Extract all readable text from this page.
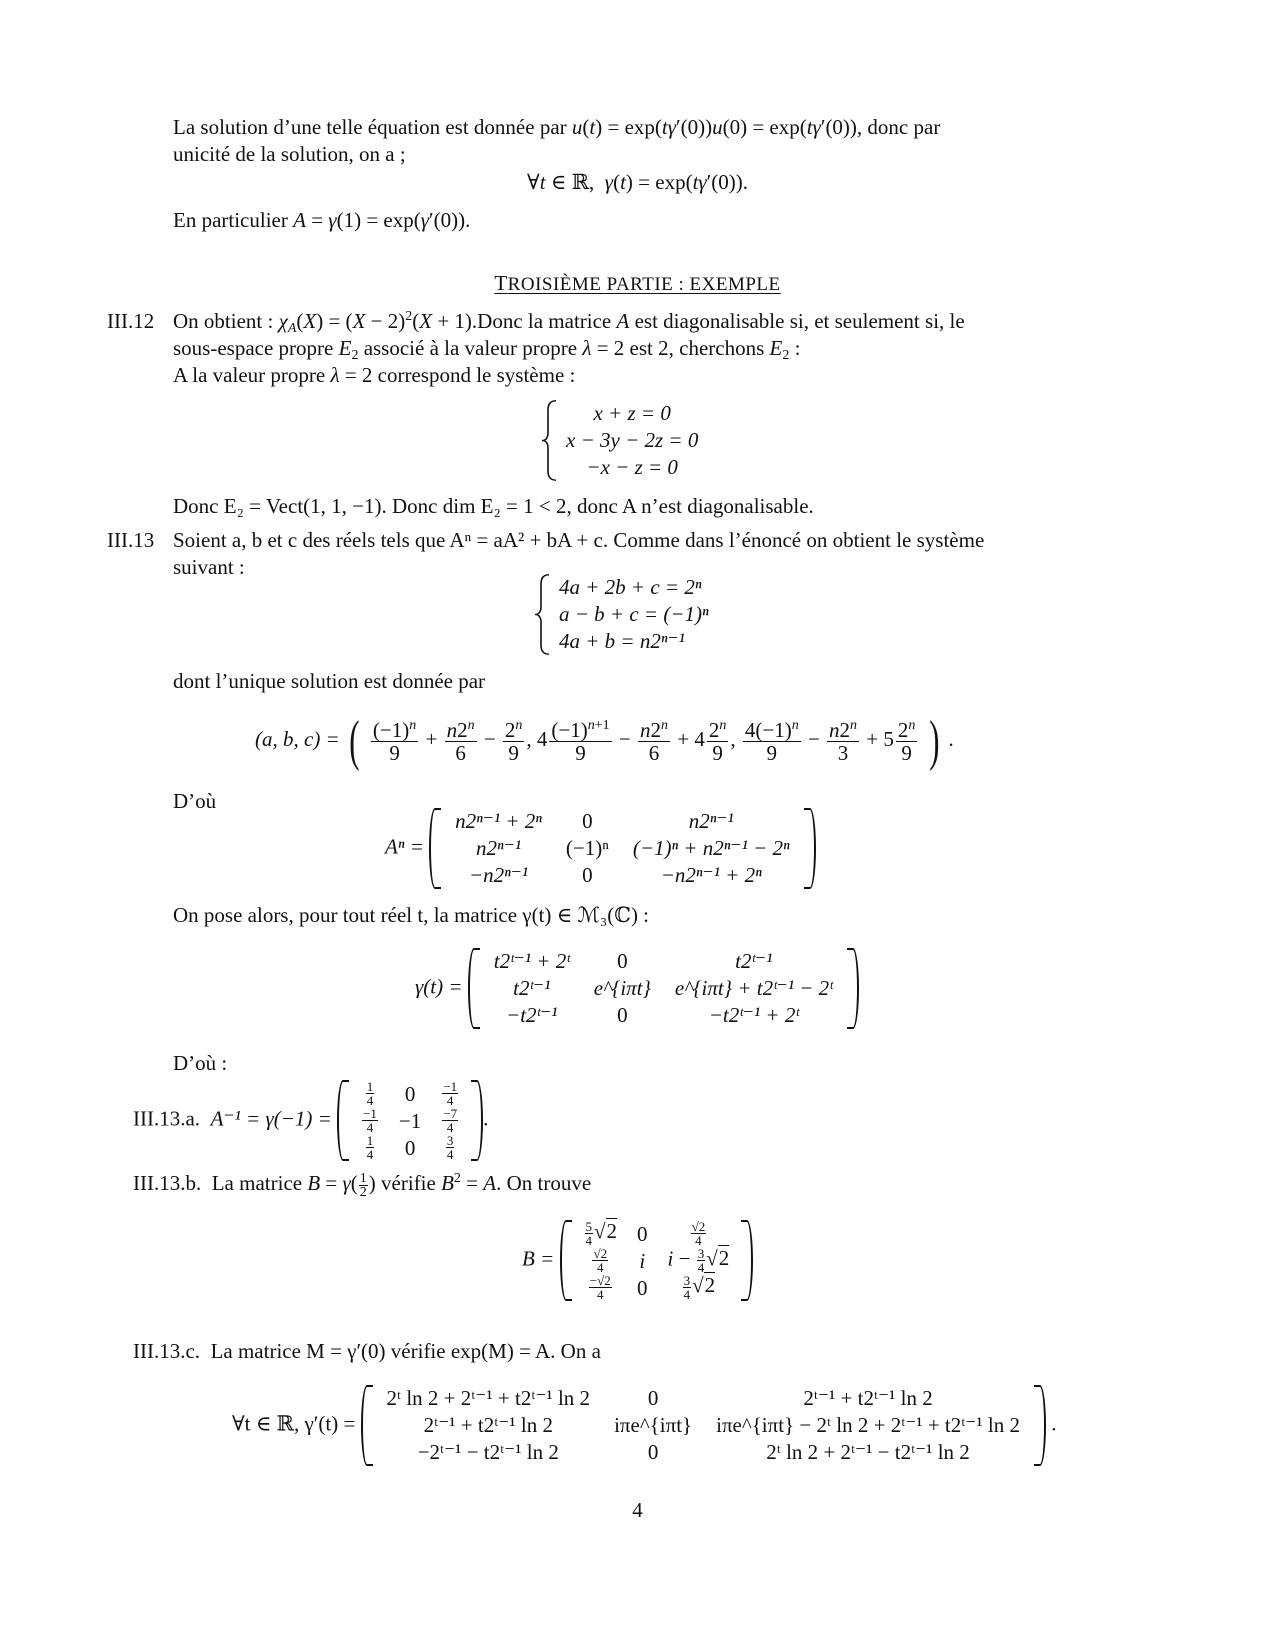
La solution d’une telle équation est donnée par u(t) = exp(tγ′(0))u(0) = exp(tγ′(0)), donc par
unicité de la solution, on a ;
∀t ∈ ℝ,  γ(t) = exp(tγ′(0)).
En particulier A = γ(1) = exp(γ′(0)).
TROISIÈME PARTIE : EXEMPLE
III.12 On obtient : $\chi_A(X) = (X - 2)^2(X$ + 1).Donc la matrice A est diagonalisable si, et seulement si, le
sous-espace propre $E_2$ associé à la valeur propre λ = 2 est 2, cherchons $E_2$ :
A la valeur propre λ = 2 correspond le système :
x + z = 0
x − 3y − 2z = 0
−x − z = 0
Donc E₂ = Vect(1, 1, −1). Donc dim E₂ = 1 < 2, donc A n’est diagonalisable.
III.13 Soient a, b et c des réels tels que Aⁿ = aA² + bA + c. Comme dans l’énoncé on obtient le système
suivant :
4a + 2b + c = 2ⁿ
a − b + c = (−1)ⁿ
4a + b = n2ⁿ⁻¹
dont l’unique solution est donnée par
(a, b, c) = ( $\frac{(-1)^n}{9} + \frac{n2^n}{6} - \frac{2^n}{9}$ , $4 \frac{(-1)^{n+1}}{9} - \frac{n2^n}{6} + 4 \frac{2^n}{9}$ , $\frac{4(-1)^n}{9} - \frac{n2^n}{3} + 5 \frac{2^n}{9}$ ) .
D’où
Aⁿ = n2ⁿ⁻¹ + 2ⁿ	0	n2ⁿ⁻¹
n2ⁿ⁻¹	(−1)ⁿ	(−1)ⁿ + n2ⁿ⁻¹ − 2ⁿ
−n2ⁿ⁻¹	0	−n2ⁿ⁻¹ + 2ⁿ
On pose alors, pour tout réel t, la matrice γ(t) ∈ ℳ₃(ℂ) :
γ(t) = t2ᵗ⁻¹ + 2ᵗ	0	t2ᵗ⁻¹
t2ᵗ⁻¹	e^{iπt}	e^{iπt} + t2ᵗ⁻¹ − 2ᵗ
−t2ᵗ⁻¹	0	−t2ᵗ⁻¹ + 2ᵗ
D’où :
III.13.a. A⁻¹ = γ(−1) =
$\frac{1}{4}$	0	$\frac{-1}{4}$

$\frac{-1}{4}$	−1	$\frac{-7}{4}$

$\frac{1}{4}$	0	$\frac{3}{4}$
.
III.13.b.  La matrice $B = \gamma( \frac{1}{2}$ ) vérifie $B^2 = A$. On trouve
B =
$\frac{5}{4} √2$	0	$\frac{√2}{4}$

$\frac{√2}{4}$	i	$i - \frac{3}{4} √2$

$\frac{-√2}{4}$	0	$\frac{3}{4} √2$
III.13.c. La matrice M = γ′(0) vérifie exp(M) = A. On a
∀t ∈ ℝ, γ′(t) = 2ᵗ ln 2 + 2ᵗ⁻¹ + t2ᵗ⁻¹ ln 2	0	2ᵗ⁻¹ + t2ᵗ⁻¹ ln 2
2ᵗ⁻¹ + t2ᵗ⁻¹ ln 2	iπe^{iπt}	iπe^{iπt} − 2ᵗ ln 2 + 2ᵗ⁻¹ + t2ᵗ⁻¹ ln 2
−2ᵗ⁻¹ − t2ᵗ⁻¹ ln 2	0	2ᵗ ln 2 + 2ᵗ⁻¹ − t2ᵗ⁻¹ ln 2 .
4
